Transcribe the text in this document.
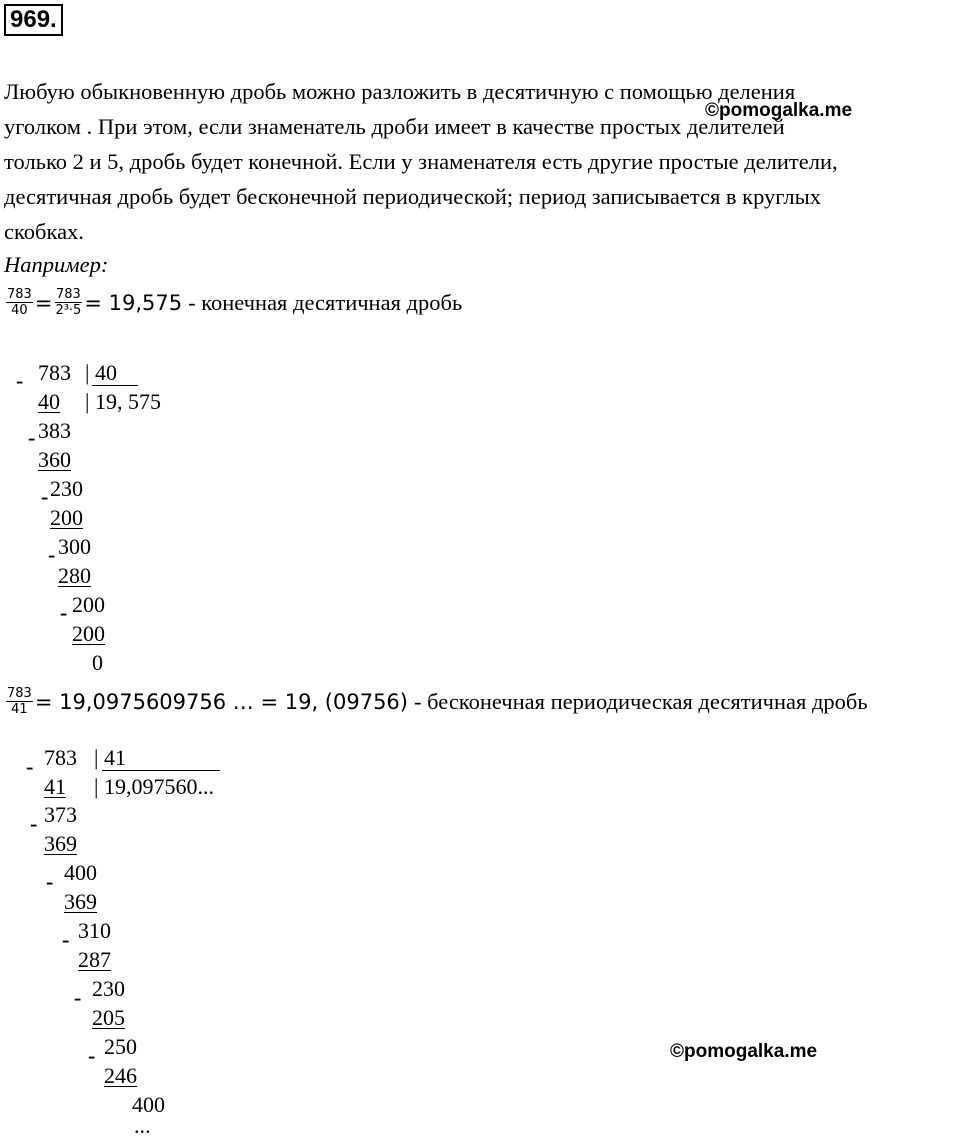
969.
Любую обыкновенную дробь можно разложить в десятичную с помощью деления
уголком . При этом, если знаменатель дроби имеет в качестве простых делителей
только 2 и 5, дробь будет конечной. Если у знаменателя есть другие простые делители,
десятичная дробь будет бесконечной периодической; период записывается в круглых
скобках.
©pomogalka.me
©pomogalka.me
Например:
$\frac{783}{40} = \frac{783}{\text{2³·5}} = 19,575$ - конечная десятичная дробь
- 783 | 40
40 | 19, 575
- 383
360
- 230
200
- 300
280
- 200
200
0
$\frac{783}{41} = 19,0975609756$ … = 19, (09756) - бесконечная периодическая десятичная дробь
- 783 | 41
41 | 19,097560...
- 373
369
- 400
369
- 310
287
- 230
205
- 250
246
400
...
